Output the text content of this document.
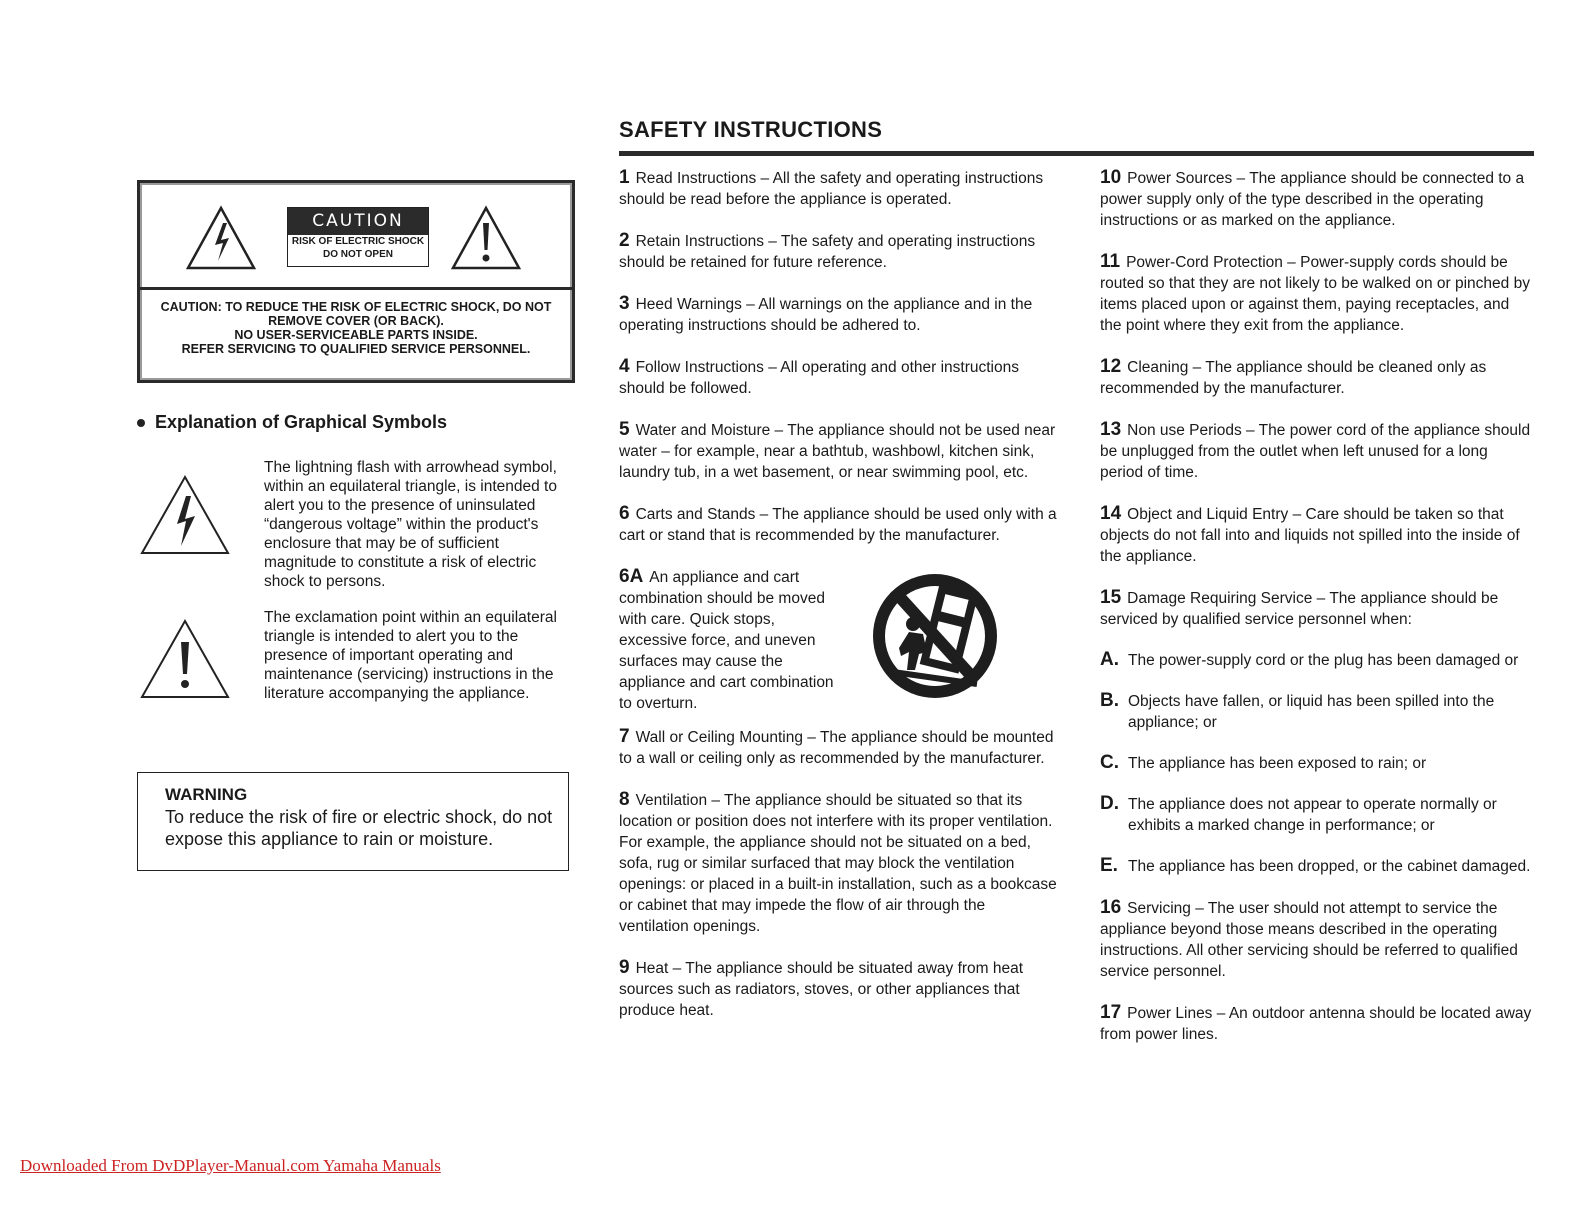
SAFETY INSTRUCTIONS
CAUTION
RISK OF ELECTRIC SHOCK
DO NOT OPEN
CAUTION: TO REDUCE THE RISK OF ELECTRIC SHOCK, DO NOT
REMOVE COVER (OR BACK).
NO USER-SERVICEABLE PARTS INSIDE.
REFER SERVICING TO QUALIFIED SERVICE PERSONNEL.
Explanation of Graphical Symbols
The lightning flash with arrowhead symbol, within an equilateral triangle, is intended to alert you to the presence of uninsulated “dangerous voltage” within the product's enclosure that may be of sufficient magnitude to constitute a risk of electric shock to persons.
The exclamation point within an equilateral triangle is intended to alert you to the presence of important operating and maintenance (servicing) instructions in the literature accompanying the appliance.
WARNING
To reduce the risk of fire or electric shock, do not expose this appliance to rain or moisture.
1 Read Instructions – All the safety and operating instructions should be read before the appliance is operated.
2 Retain Instructions – The safety and operating instructions should be retained for future reference.
3 Heed Warnings – All warnings on the appliance and in the operating instructions should be adhered to.
4 Follow Instructions – All operating and other instructions should be followed.
5 Water and Moisture – The appliance should not be used near water – for example, near a bathtub, washbowl, kitchen sink, laundry tub, in a wet basement, or near swimming pool, etc.
6 Carts and Stands – The appliance should be used only with a cart or stand that is recommended by the manufacturer.
6A An appliance and cart combination should be moved with care. Quick stops, excessive force, and uneven surfaces may cause the appliance and cart combination to overturn.
7 Wall or Ceiling Mounting – The appliance should be mounted to a wall or ceiling only as recommended by the manufacturer.
8 Ventilation – The appliance should be situated so that its location or position does not interfere with its proper ventilation. For example, the appliance should not be situated on a bed, sofa, rug or similar surfaced that may block the ventilation openings: or placed in a built-in installation, such as a bookcase or cabinet that may impede the flow of air through the ventilation openings.
9 Heat – The appliance should be situated away from heat sources such as radiators, stoves, or other appliances that produce heat.
10 Power Sources – The appliance should be connected to a power supply only of the type described in the operating instructions or as marked on the appliance.
11 Power-Cord Protection – Power-supply cords should be routed so that they are not likely to be walked on or pinched by items placed upon or against them, paying receptacles, and the point where they exit from the appliance.
12 Cleaning – The appliance should be cleaned only as recommended by the manufacturer.
13 Non use Periods – The power cord of the appliance should be unplugged from the outlet when left unused for a long period of time.
14 Object and Liquid Entry – Care should be taken so that objects do not fall into and liquids not spilled into the inside of the appliance.
15 Damage Requiring Service – The appliance should be serviced by qualified service personnel when:
A. The power-supply cord or the plug has been damaged or
B. Objects have fallen, or liquid has been spilled into the appliance; or
C. The appliance has been exposed to rain; or
D. The appliance does not appear to operate normally or exhibits a marked change in performance; or
E. The appliance has been dropped, or the cabinet damaged.
16 Servicing – The user should not attempt to service the appliance beyond those means described in the operating instructions. All other servicing should be referred to qualified service personnel.
17 Power Lines – An outdoor antenna should be located away from power lines.
Downloaded From DvDPlayer-Manual.com Yamaha Manuals
